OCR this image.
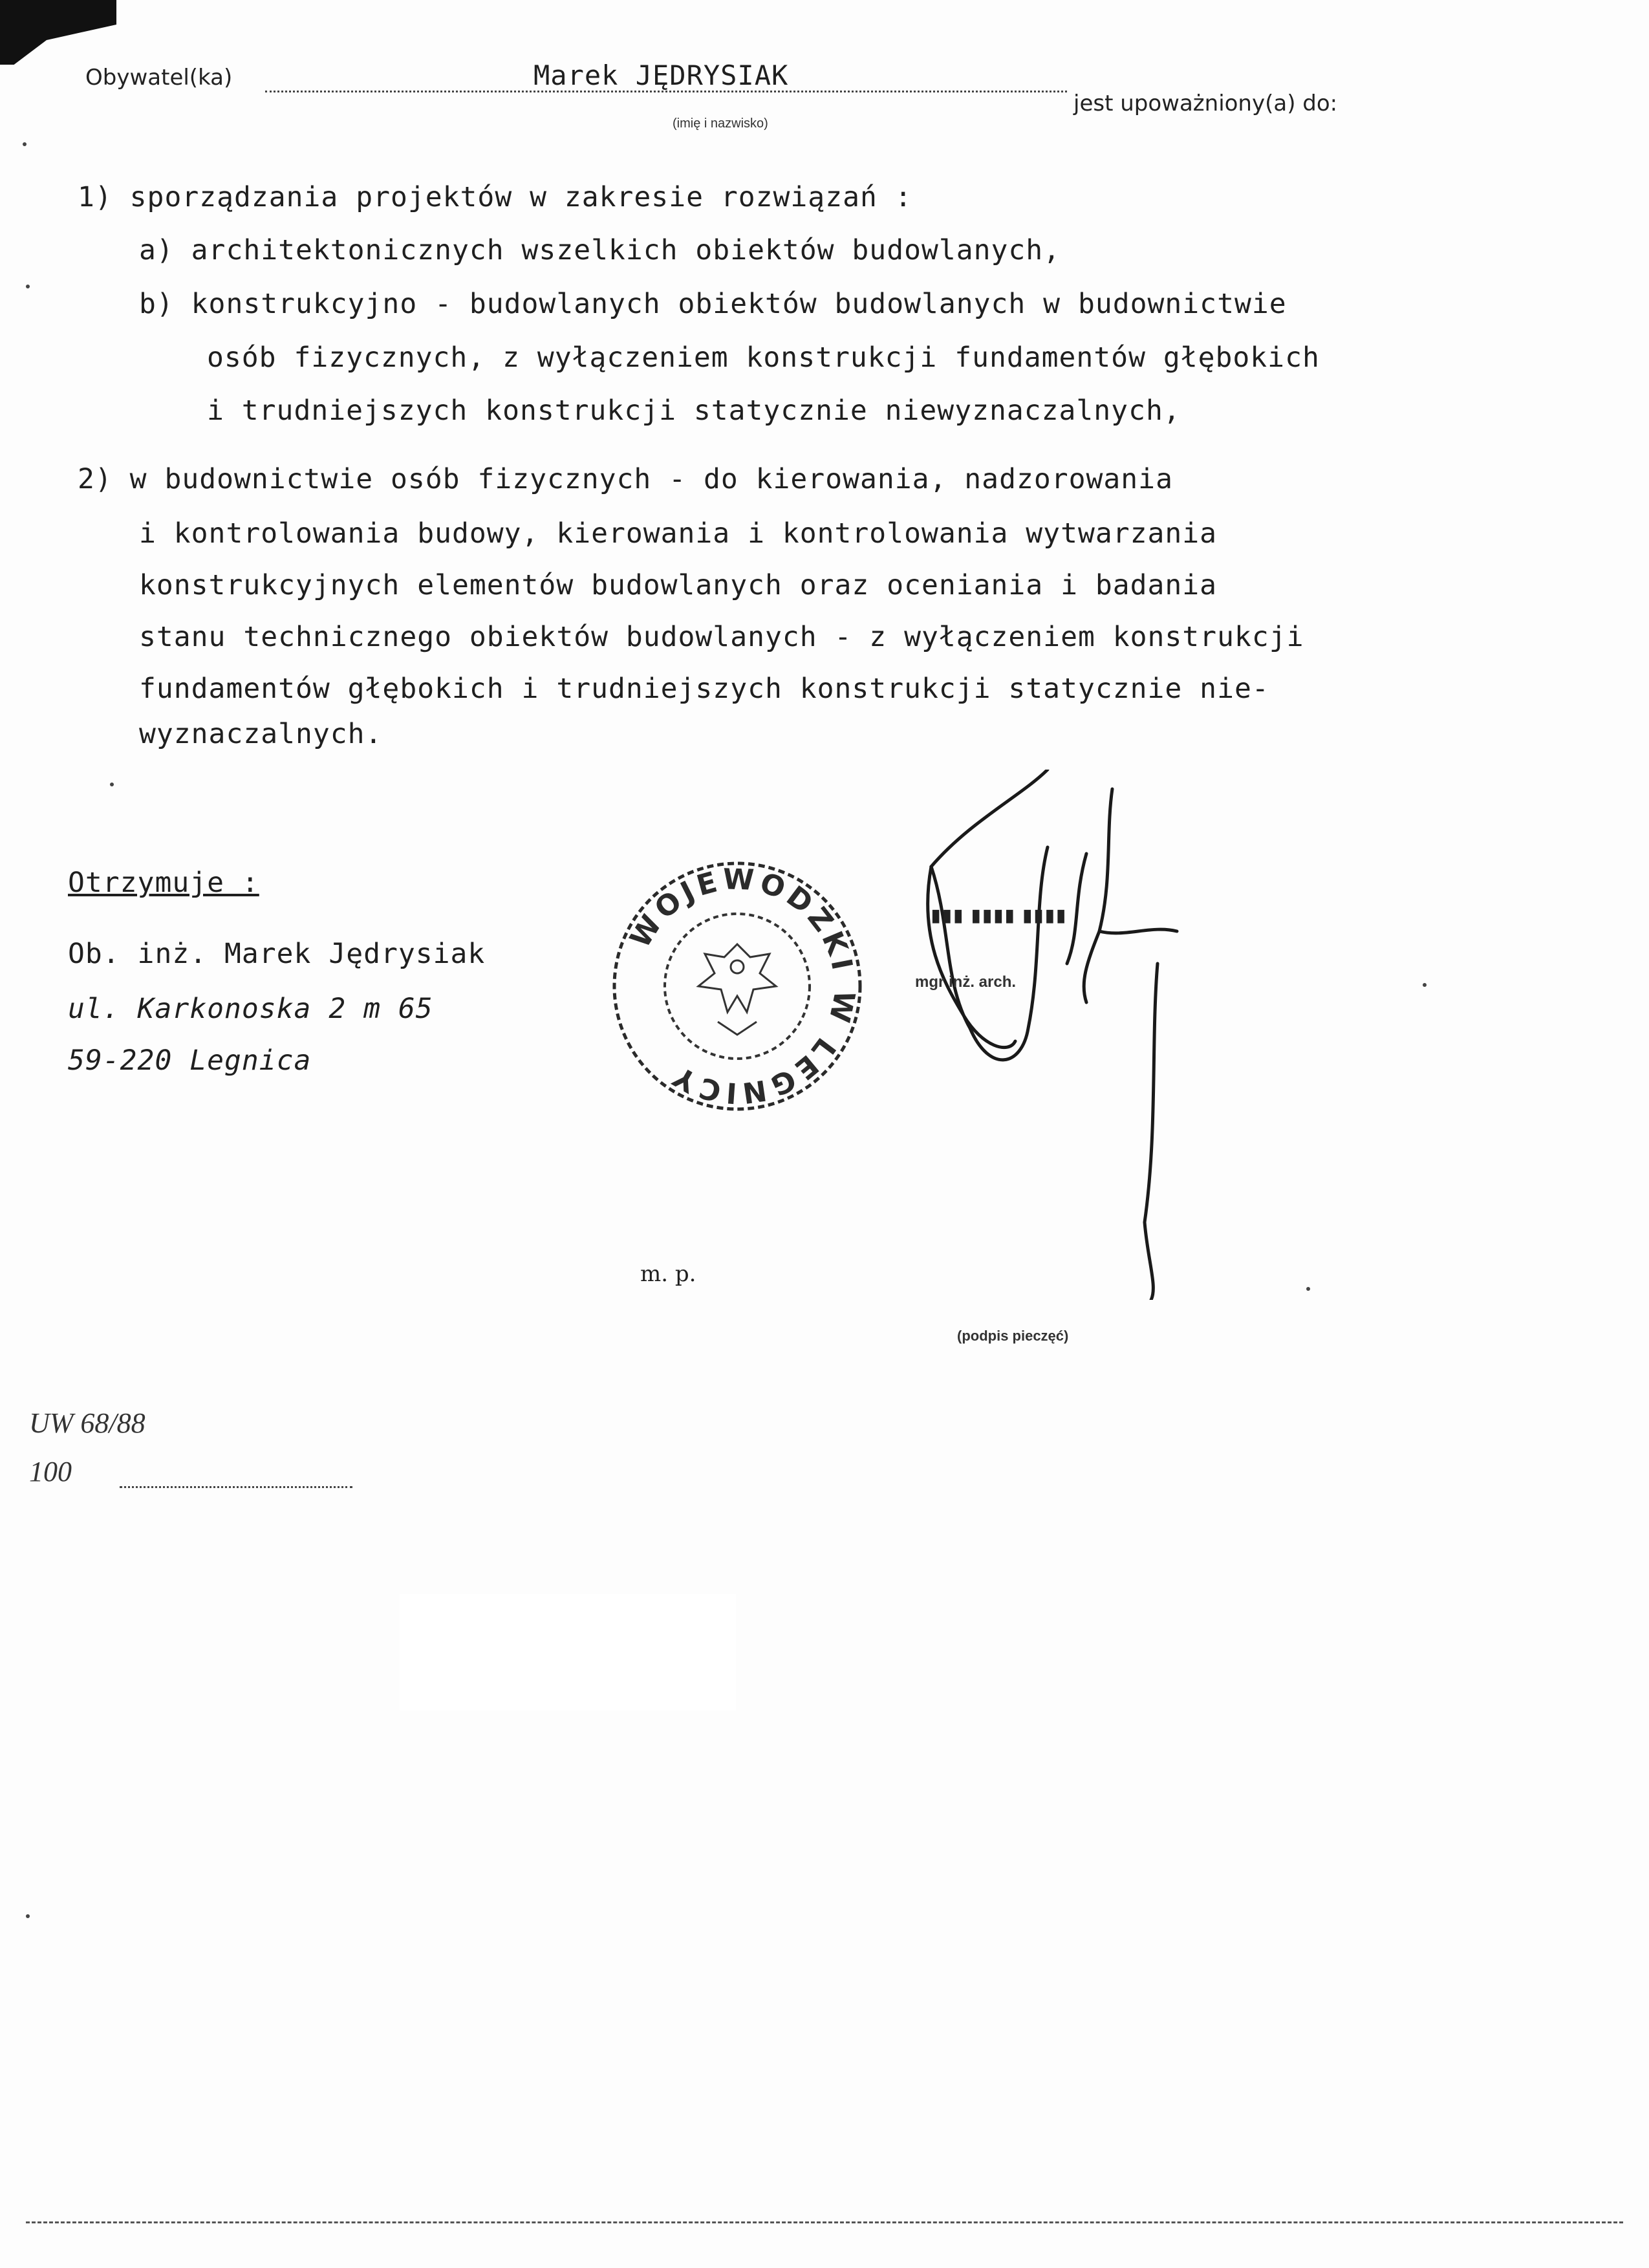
Obywatel(ka)	Marek JĘDRYSIAK
(imię i nazwisko)
jest upoważniony(a) do:
1) sporządzania projektów w zakresie rozwiązań :
a) architektonicznych wszelkich obiektów budowlanych,
b) konstrukcyjno - budowlanych obiektów budowlanych w budownictwie
osób fizycznych, z wyłączeniem konstrukcji fundamentów głębokich
i trudniejszych konstrukcji statycznie niewyznaczalnych,
2) w budownictwie osób fizycznych - do kierowania, nadzorowania
i kontrolowania budowy, kierowania i kontrolowania wytwarzania
konstrukcyjnych elementów budowlanych oraz oceniania i badania
stanu technicznego obiektów budowlanych - z wyłączeniem konstrukcji
fundamentów głębokich i trudniejszych konstrukcji statycznie nie-
wyznaczalnych.
Otrzymuje :
Ob. inż. Marek Jędrysiak
ul. Karkonoska 2 m 65
59-220 Legnica
WOJEWODZKI W LEGNICY
▮▮▮ ▮▮▮▮ ▮▮▮▮
mgr inż. arch.
(podpis pieczęć)
m. p.
UW 68/88
100
